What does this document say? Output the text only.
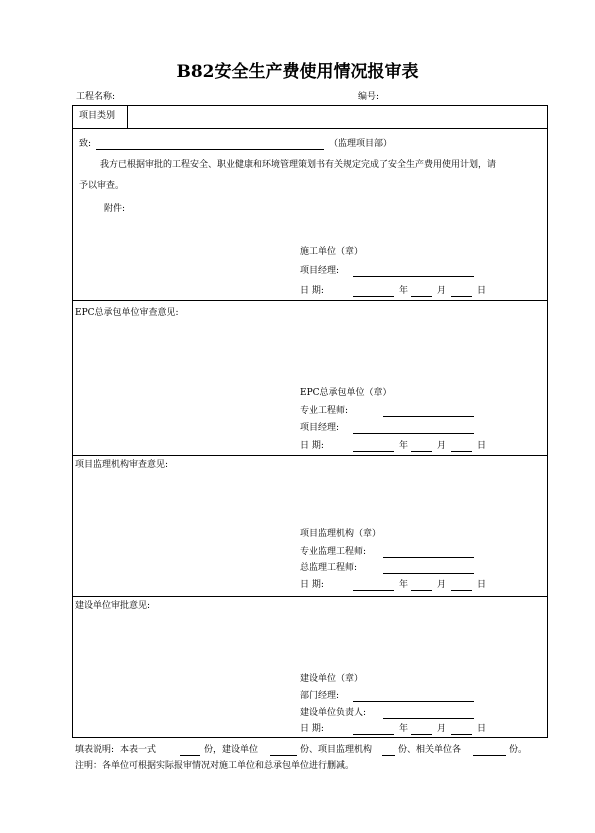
B82安全生产费使用情况报审表
工程名称:	编号:
项目类别
致:	（监理项目部）
我方已根据审批的工程安全、职业健康和环境管理策划书有关规定完成了安全生产费用使用计划，请
予以审查。
附件:
施工单位（章）
项目经理:
日 期:	年	月	日
EPC总承包单位审查意见:
EPC总承包单位（章）
专业工程师:
项目经理:
日 期:	年	月	日
项目监理机构审查意见:
项目监理机构（章）
专业监理工程师:
总监理工程师:
日 期:	年	月	日
建设单位审批意见:
建设单位（章）
部门经理:
建设单位负责人:
日 期:	年	月	日
填表说明: 本表一式	份，建设单位	份、项目监理机构	份、相关单位各	份。
注明：各单位可根据实际报审情况对施工单位和总承包单位进行删减。
